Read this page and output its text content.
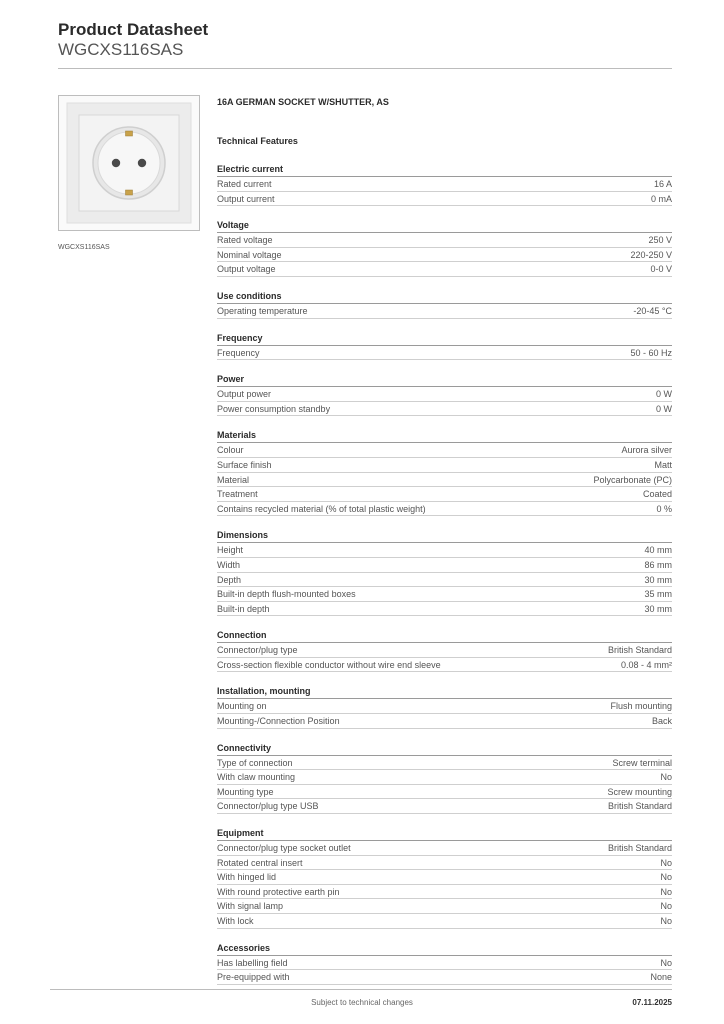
Product Datasheet
WGCXS116SAS
WGCXS116SAS
16A GERMAN SOCKET W/SHUTTER, AS
Technical Features
Electric current
Rated current	16 A
Output current	0 mA
Voltage
Rated voltage	250 V
Nominal voltage	220-250 V
Output voltage	0-0 V
Use conditions
Operating temperature	-20-45 °C
Frequency
Frequency	50 - 60 Hz
Power
Output power	0 W
Power consumption standby	0 W
Materials
Colour	Aurora silver
Surface finish	Matt
Material	Polycarbonate (PC)
Treatment	Coated
Contains recycled material (% of total plastic weight)	0 %
Dimensions
Height	40 mm
Width	86 mm
Depth	30 mm
Built-in depth flush-mounted boxes	35 mm
Built-in depth	30 mm
Connection
Connector/plug type	British Standard
Cross-section flexible conductor without wire end sleeve	0.08 - 4 mm²
Installation, mounting
Mounting on	Flush mounting
Mounting-/Connection Position	Back
Connectivity
Type of connection	Screw terminal
With claw mounting	No
Mounting type	Screw mounting
Connector/plug type USB	British Standard
Equipment
Connector/plug type socket outlet	British Standard
Rotated central insert	No
With hinged lid	No
With round protective earth pin	No
With signal lamp	No
With lock	No
Accessories
Has labelling field	No
Pre-equipped with	None
Subject to technical changes	07.11.2025
